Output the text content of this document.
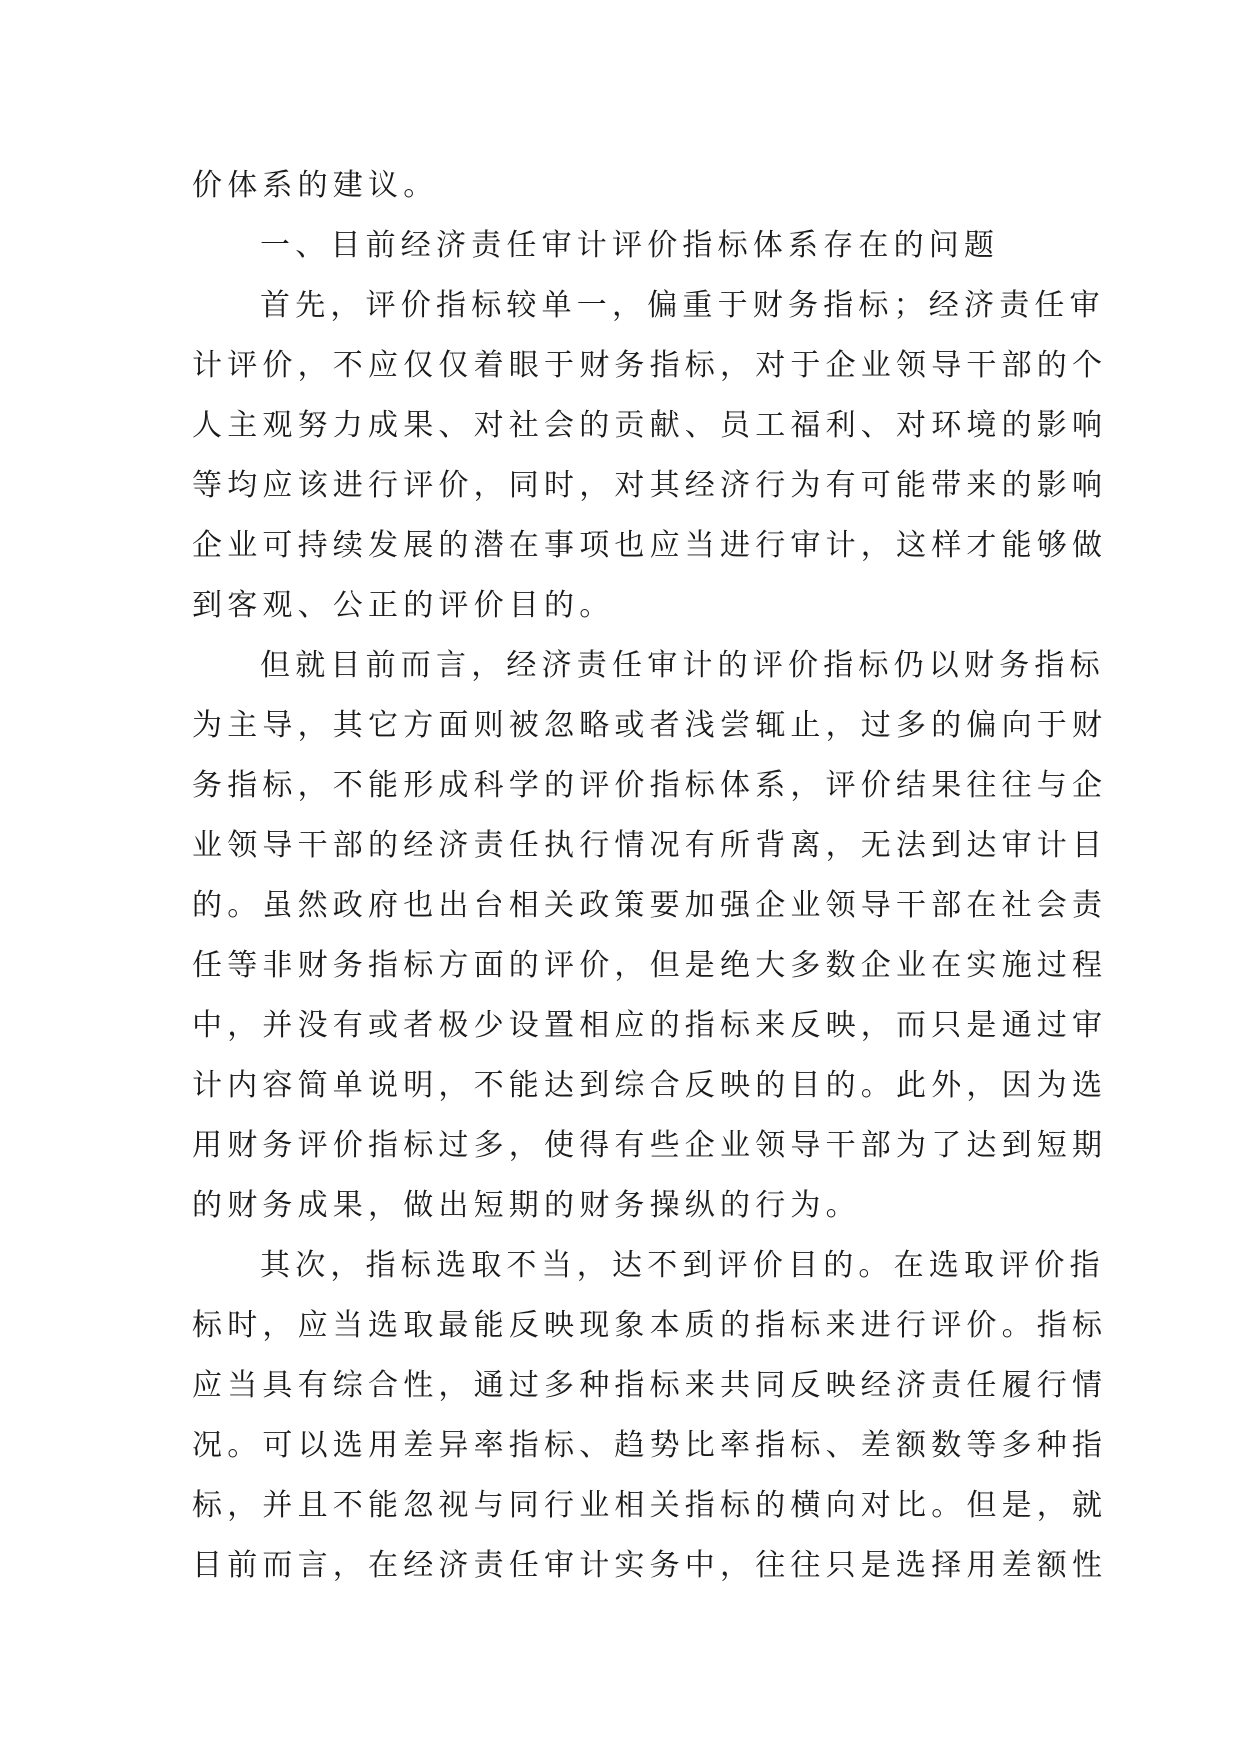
价体系的建议。
一、目前经济责任审计评价指标体系存在的问题
首先，评价指标较单一，偏重于财务指标；经济责任审
计评价，不应仅仅着眼于财务指标，对于企业领导干部的个
人主观努力成果、对社会的贡献、员工福利、对环境的影响
等均应该进行评价，同时，对其经济行为有可能带来的影响
企业可持续发展的潜在事项也应当进行审计，这样才能够做
到客观、公正的评价目的。
但就目前而言，经济责任审计的评价指标仍以财务指标
为主导，其它方面则被忽略或者浅尝辄止，过多的偏向于财
务指标，不能形成科学的评价指标体系，评价结果往往与企
业领导干部的经济责任执行情况有所背离，无法到达审计目
的。虽然政府也出台相关政策要加强企业领导干部在社会责
任等非财务指标方面的评价，但是绝大多数企业在实施过程
中，并没有或者极少设置相应的指标来反映，而只是通过审
计内容简单说明，不能达到综合反映的目的。此外，因为选
用财务评价指标过多，使得有些企业领导干部为了达到短期
的财务成果，做出短期的财务操纵的行为。
其次，指标选取不当，达不到评价目的。在选取评价指
标时，应当选取最能反映现象本质的指标来进行评价。指标
应当具有综合性，通过多种指标来共同反映经济责任履行情
况。可以选用差异率指标、趋势比率指标、差额数等多种指
标，并且不能忽视与同行业相关指标的横向对比。但是，就
目前而言，在经济责任审计实务中，往往只是选择用差额性
